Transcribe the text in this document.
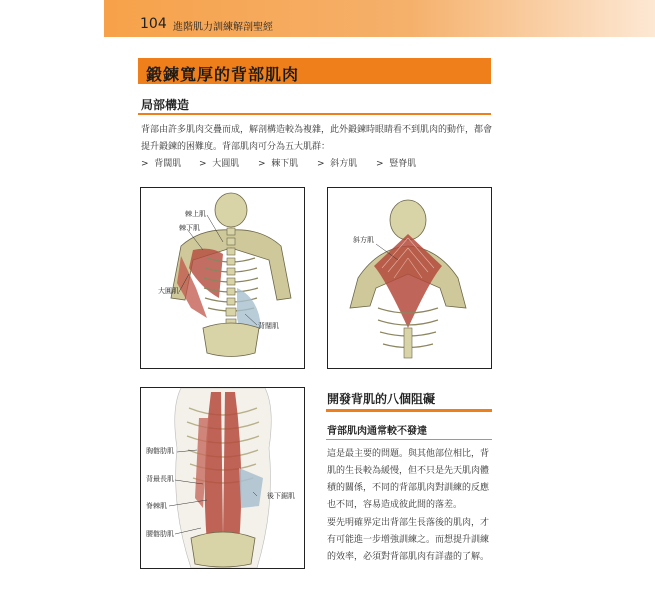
104 進階肌力訓練解剖聖經
鍛鍊寬厚的背部肌肉
局部構造
背部由許多肌肉交疊而成，解剖構造較為複雜，此外鍛鍊時眼睛看不到肌肉的動作，都會
提升鍛鍊的困難度。背部肌肉可分為五大肌群：
>  背闊肌 >  大圓肌 >  棘下肌 >  斜方肌 >  豎脊肌
棘上肌
棘下肌
大圓肌
背闊肌
斜方肌
胸髂肋肌
背最長肌
脊棘肌
腰髂肋肌
後下鋸肌
開發背肌的八個阻礙
背部肌肉通常較不發達
這是最主要的問題。與其他部位相比，背
肌的生長較為緩慢，但不只是先天肌肉體
積的關係，不同的背部肌肉對訓練的反應
也不同，容易造成彼此間的落差。
要先明確界定出背部生長落後的肌肉，才
有可能進一步增強訓練之。而想提升訓練
的效率，必須對背部肌肉有詳盡的了解。
